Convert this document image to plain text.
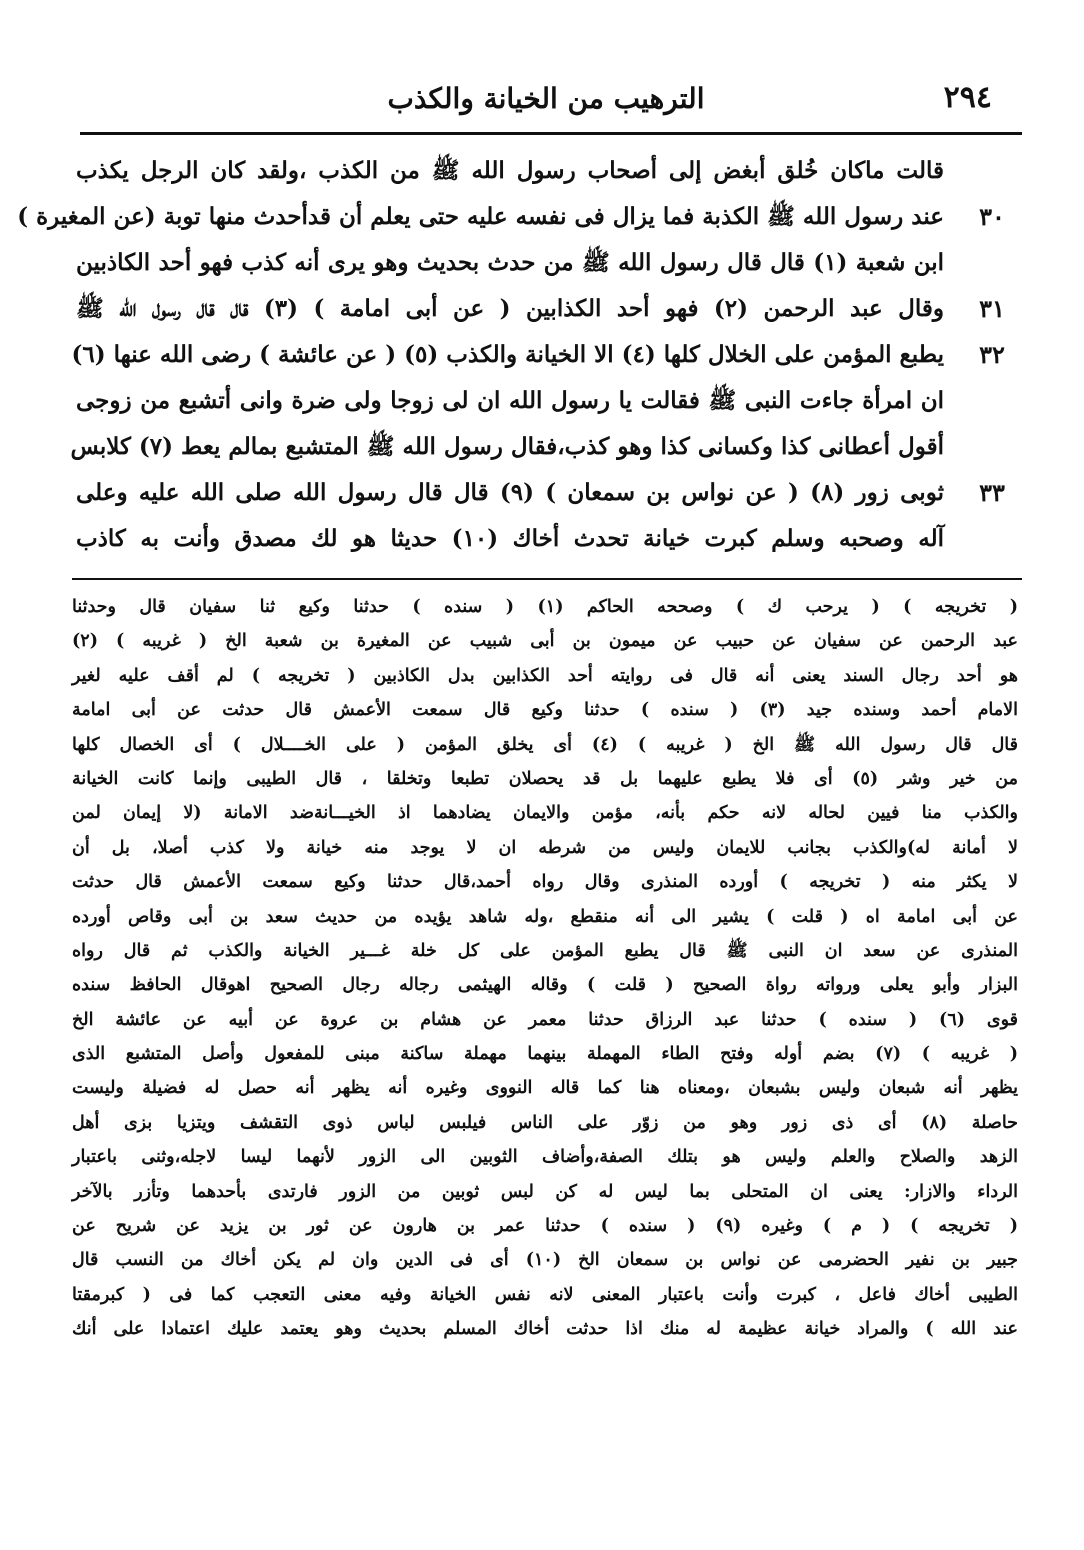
٢٩٤
الترهيب من الخيانة والكذب
قالت ماكان خُلق أبغض إلى أصحاب رسول الله ﷺ من الكذب ،ولقد كان الرجل يكذب
عند رسول الله ﷺ الكذبة فما يزال فى نفسه عليه حتى يعلم أن قدأحدث منها توبة (عن المغيرة ) ٣٠
ابن شعبة (١) قال قال رسول الله ﷺ من حدث بحديث وهو يرى أنه كذب فهو أحد الكاذبين
وقال عبد الرحمن (٢) فهو أحد الكذابين ( عن أبى امامة ) (٣) قال قال رسول الله ﷺ ٣١
يطبع المؤمن على الخلال كلها (٤) الا الخيانة والكذب (٥) ( عن عائشة ) رضى الله عنها (٦) ٣٢
ان امرأة جاءت النبى ﷺ فقالت يا رسول الله ان لى زوجا ولى ضرة وانى أتشبع من زوجى
أقول أعطانى كذا وكسانى كذا وهو كذب،فقال رسول الله ﷺ المتشبع بمالم يعط (٧) كلابس
ثوبى زور (٨) ( عن نواس بن سمعان ) (٩) قال قال رسول الله صلى الله عليه وعلى ٣٣
آله وصحبه وسلم كبرت خيانة تحدث أخاك (١٠) حديثا هو لك مصدق وأنت به كاذب
( تخريجه ) ( يرحب ك ) وصححه الحاكم (١) ( سنده ) حدثنا وكيع ثنا سفيان قال وحدثنا
عبد الرحمن عن سفيان عن حبيب عن ميمون بن أبى شبيب عن المغيرة بن شعبة الخ ( غريبه ) (٢)
هو أحد رجال السند يعنى أنه قال فى روايته أحد الكذابين بدل الكاذبين ( تخريجه ) لم أقف عليه لغير
الامام أحمد وسنده جيد (٣) ( سنده ) حدثنا وكيع قال سمعت الأعمش قال حدثت عن أبى امامة
قال قال رسول الله ﷺ الخ ( غريبه ) (٤) أى يخلق المؤمن ( على الخــــلال ) أى الخصال كلها
من خير وشر (٥) أى فلا يطبع عليهما بل قد يحصلان تطبعا وتخلقا ، قال الطيبى وإنما كانت الخيانة
والكذب منا فيين لحاله لانه حكم بأنه، مؤمن والايمان يضادهما اذ الخيـــانةضد الامانة (لا إيمان لمن
لا أمانة له)والكذب بجانب للايمان وليس من شرطه ان لا يوجد منه خيانة ولا كذب أصلا، بل أن
لا يكثر منه ( تخريجه ) أورده المنذرى وقال رواه أحمد،قال حدثنا وكيع سمعت الأعمش قال حدثت
عن أبى امامة اه ( قلت ) يشير الى أنه منقطع ،وله شاهد يؤيده من حديث سعد بن أبى وقاص أورده
المنذرى عن سعد ان النبى ﷺ قال يطبع المؤمن على كل خلة غـــير الخيانة والكذب ثم قال رواه
البزار وأبو يعلى ورواته رواة الصحيح ( قلت ) وقاله الهيثمى رجاله رجال الصحيح اهوقال الحافظ سنده
قوى (٦) ( سنده ) حدثنا عبد الرزاق حدثنا معمر عن هشام بن عروة عن أبيه عن عائشة الخ
( غريبه ) (٧) بضم أوله وفتح الطاء المهملة بينهما مهملة ساكنة مبنى للمفعول وأصل المتشبع الذى
يظهر أنه شبعان وليس بشبعان ،ومعناه هنا كما قاله النووى وغيره أنه يظهر أنه حصل له فضيلة وليست
حاصلة (٨) أى ذى زور وهو من زوّر على الناس فيلبس لباس ذوى التقشف ويتزيا بزى أهل
الزهد والصلاح والعلم وليس هو بتلك الصفة،وأضاف الثوبين الى الزور لأنهما ليسا لاجله،وثنى باعتبار
الرداء والازار: يعنى ان المتحلى بما ليس له كن لبس ثوبين من الزور فارتدى بأحدهما وتأزر بالآخر
( تخريجه ) ( م ) وغيره (٩) ( سنده ) حدثنا عمر بن هارون عن ثور بن يزيد عن شريح عن
جبير بن نفير الحضرمى عن نواس بن سمعان الخ (١٠) أى فى الدين وان لم يكن أخاك من النسب قال
الطيبى أخاك فاعل ، كبرت وأنت باعتبار المعنى لانه نفس الخيانة وفيه معنى التعجب كما فى ( كبرمقتا
عند الله ) والمراد خيانة عظيمة له منك اذا حدثت أخاك المسلم بحديث وهو يعتمد عليك اعتمادا على أنك
